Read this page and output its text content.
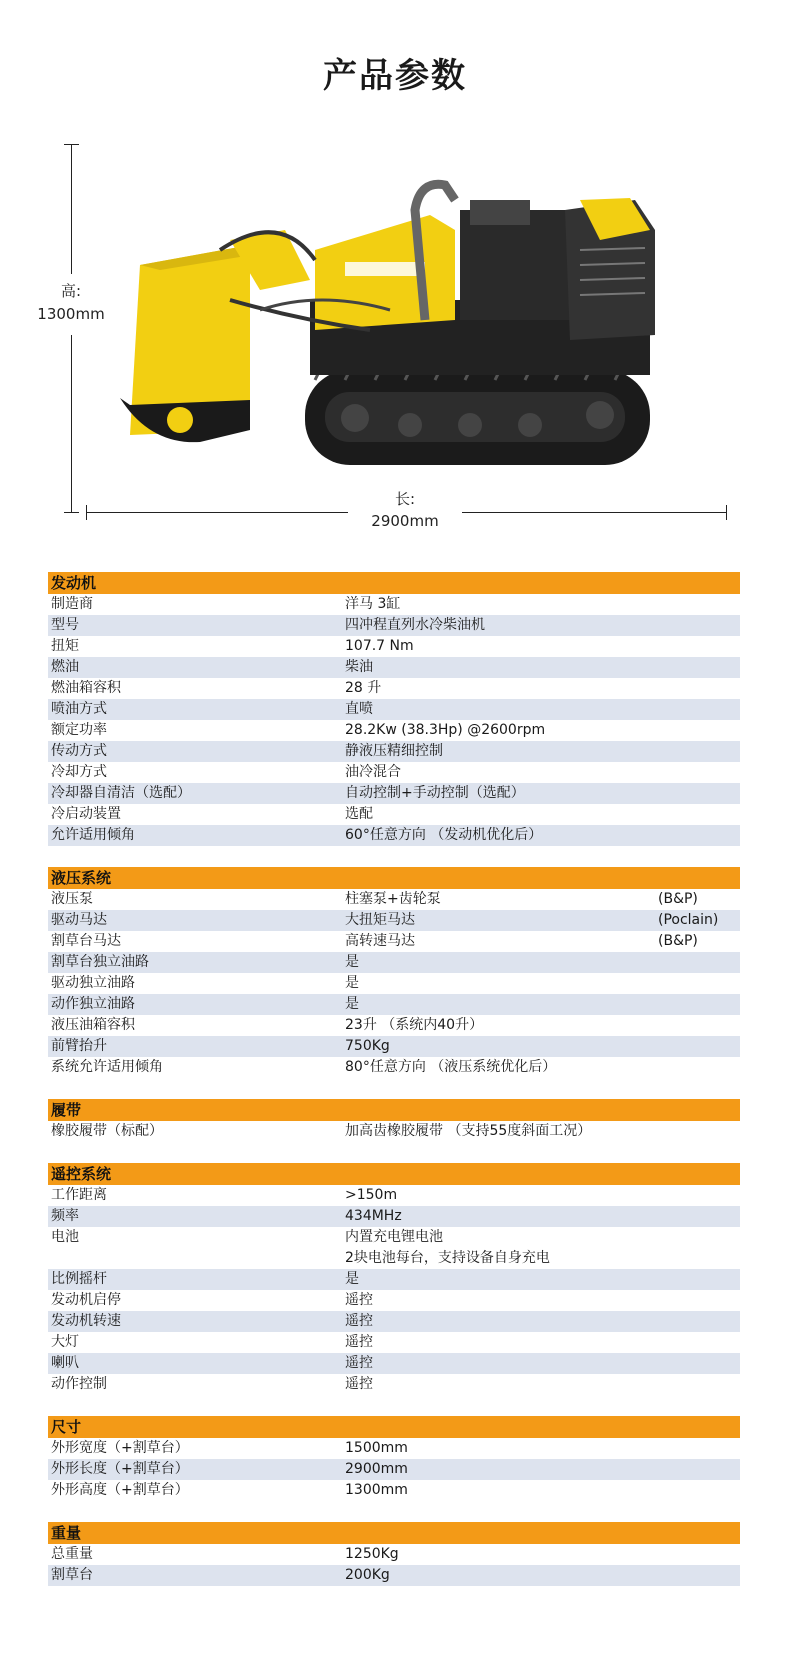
产品参数
高:
1300mm
长:
2900mm
发动机
制造商	洋马 3缸
型号	四冲程直列水冷柴油机
扭矩	107.7 Nm
燃油	柴油
燃油箱容积	28 升
喷油方式	直喷
额定功率	28.2Kw (38.3Hp) @2600rpm
传动方式	静液压精细控制
冷却方式	油冷混合
冷却器自清洁（选配）	自动控制+手动控制（选配）
冷启动装置	选配
允许适用倾角	60°任意方向 （发动机优化后）
液压系统
液压泵	柱塞泵+齿轮泵	(B&P)
驱动马达	大扭矩马达	(Poclain)
割草台马达	高转速马达	(B&P)
割草台独立油路	是
驱动独立油路	是
动作独立油路	是
液压油箱容积	23升 （系统内40升）
前臂抬升	750Kg
系统允许适用倾角	80°任意方向 （液压系统优化后）
履带
橡胶履带（标配）	加高齿橡胶履带 （支持55度斜面工况）
遥控系统
工作距离	>150m
频率	434MHz
电池	内置充电锂电池
2块电池每台，支持设备自身充电
比例摇杆	是
发动机启停	遥控
发动机转速	遥控
大灯	遥控
喇叭	遥控
动作控制	遥控
尺寸
外形宽度（+割草台）	1500mm
外形长度（+割草台）	2900mm
外形高度（+割草台）	1300mm
重量
总重量	1250Kg
割草台	200Kg
